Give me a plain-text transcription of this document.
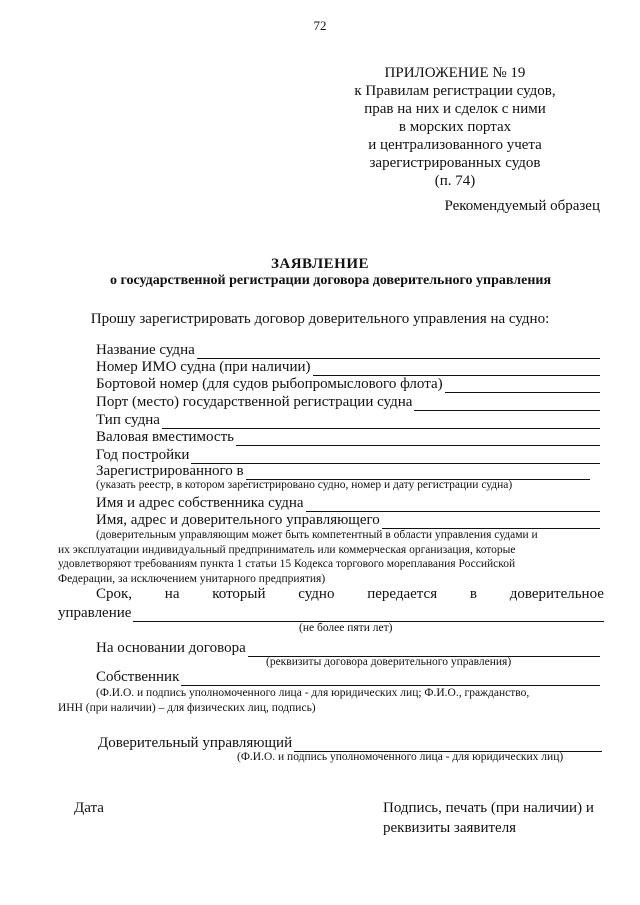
72
ПРИЛОЖЕНИЕ № 19
к Правилам регистрации судов,
прав на них и сделок с ними
в морских портах
и централизованного учета
зарегистрированных судов
(п. 74)
Рекомендуемый образец
ЗАЯВЛЕНИЕ
о государственной регистрации договора доверительного управления
Прошу зарегистрировать договор доверительного управления на судно:
Название судна
Номер ИМО судна (при наличии)
Бортовой номер (для судов рыбопромыслового флота)
Порт (место) государственной регистрации судна
Тип судна
Валовая вместимость
Год постройки
Зарегистрированного в
(указать реестр, в котором зарегистрировано судно, номер и дату регистрации судна)
Имя и адрес собственника судна
Имя, адрес и доверительного управляющего
(доверительным управляющим может быть компетентный в области управления судами и
их эксплуатации индивидуальный предприниматель или коммерческая организация, которые
удовлетворяют требованиям пункта 1 статьи 15 Кодекса торгового мореплавания Российской
Федерации, за исключением унитарного предприятия)
Срок, на который судно передается в доверительное
управление
(не более пяти лет)
На основании договора
(реквизиты договора доверительного управления)
Собственник
(Ф.И.О. и подпись уполномоченного лица - для юридических лиц; Ф.И.О., гражданство,
ИНН (при наличии) – для физических лиц, подпись)
Доверительный управляющий
(Ф.И.О. и подпись уполномоченного лица - для юридических лиц)
Дата	Подпись, печать (при наличии) и
реквизиты заявителя
